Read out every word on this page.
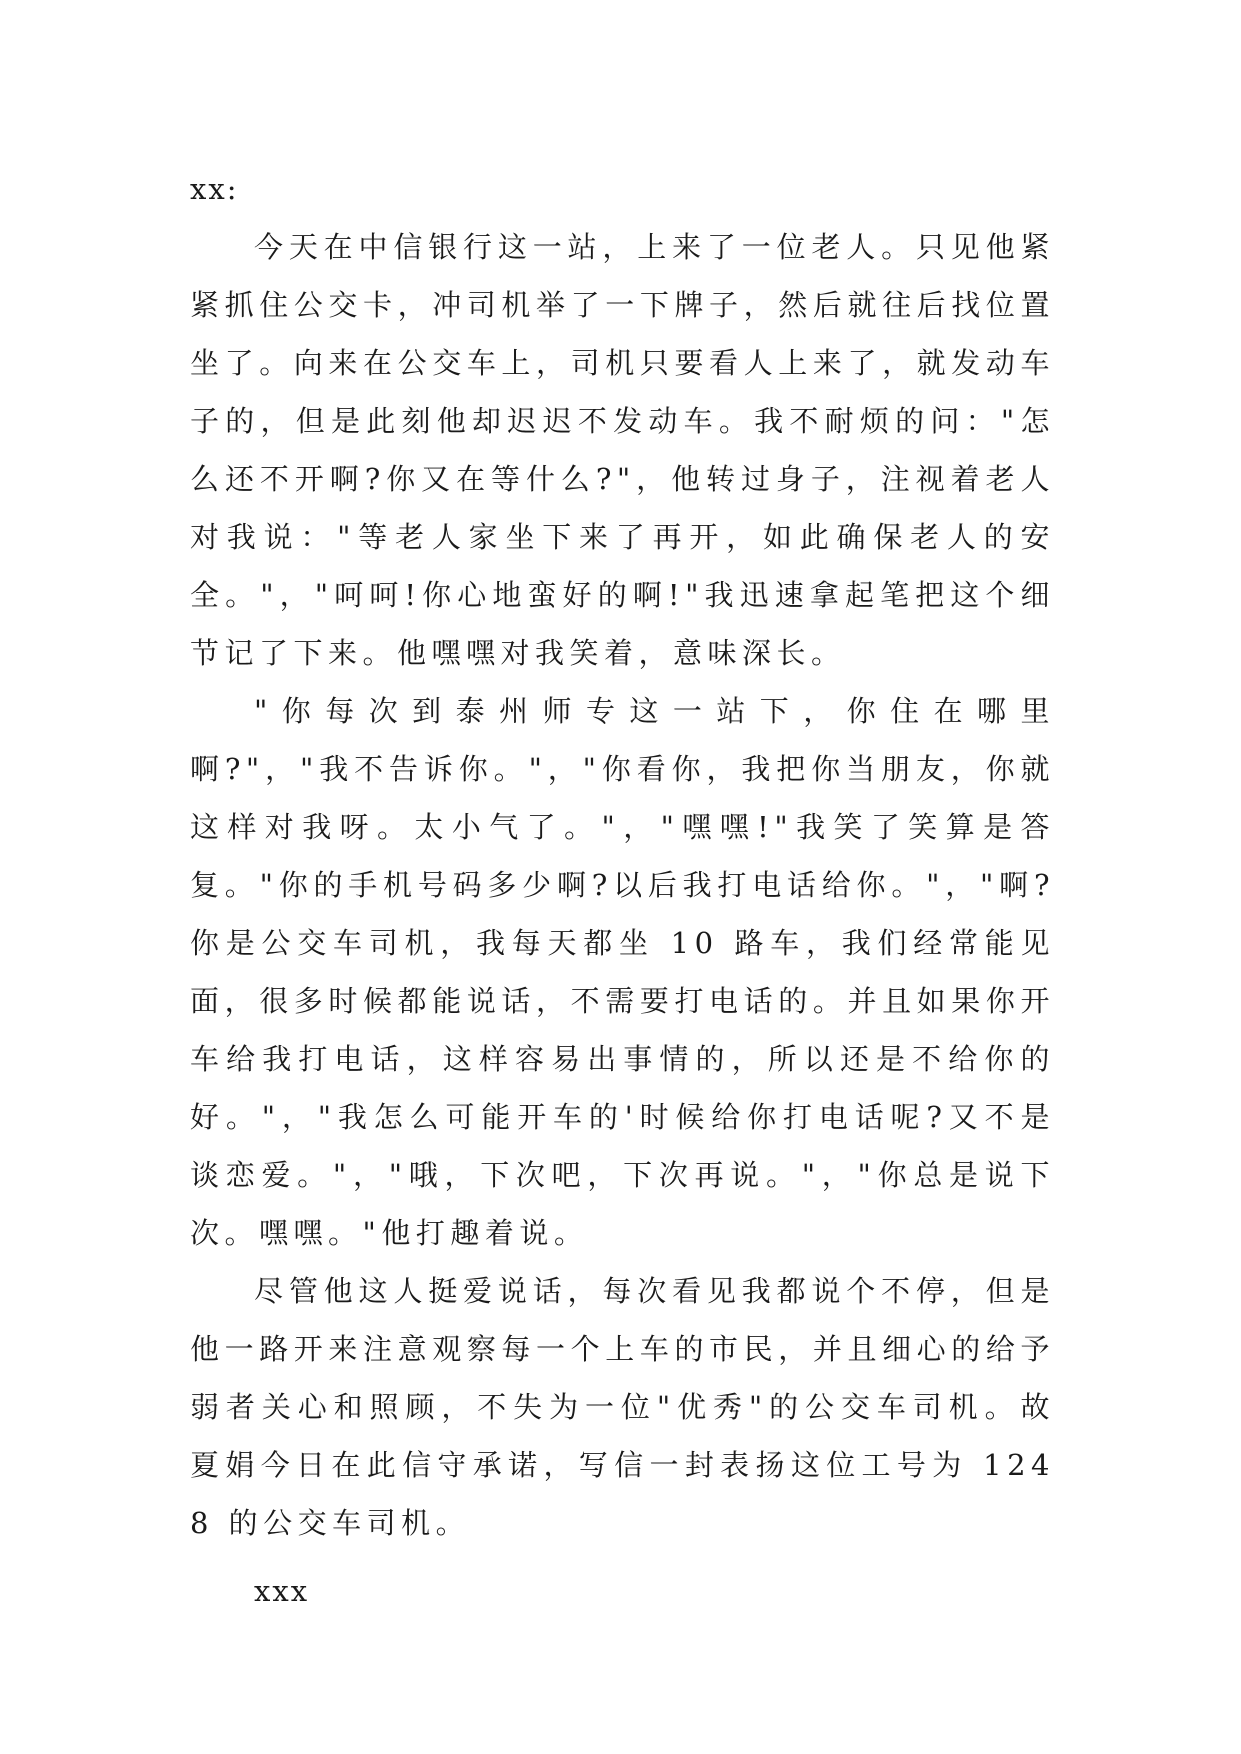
xx:

今天在中信银行这一站，上来了一位老人。只见他紧紧抓住公交卡，冲司机举了一下牌子，然后就往后找位置坐了。向来在公交车上，司机只要看人上来了，就发动车子的，但是此刻他却迟迟不发动车。我不耐烦的问："怎么还不开啊?你又在等什么?"，他转过身子，注视着老人对我说："等老人家坐下来了再开，如此确保老人的安全。"，"呵呵!你心地蛮好的啊!"我迅速拿起笔把这个细节记了下来。他嘿嘿对我笑着，意味深长。

"你每次到泰州师专这一站下，你住在哪里啊?"，"我不告诉你。"，"你看你，我把你当朋友，你就这样对我呀。太小气了。"，"嘿嘿!"我笑了笑算是答复。"你的手机号码多少啊?以后我打电话给你。"，"啊?你是公交车司机，我每天都坐 10 路车，我们经常能见面，很多时候都能说话，不需要打电话的。并且如果你开车给我打电话，这样容易出事情的，所以还是不给你的好。"，"我怎么可能开车的'时候给你打电话呢?又不是谈恋爱。"，"哦，下次吧，下次再说。"，"你总是说下次。嘿嘿。"他打趣着说。

尽管他这人挺爱说话，每次看见我都说个不停，但是他一路开来注意观察每一个上车的市民，并且细心的给予弱者关心和照顾，不失为一位"优秀"的公交车司机。故夏娟今日在此信守承诺，写信一封表扬这位工号为 1248 的公交车司机。

xxx
